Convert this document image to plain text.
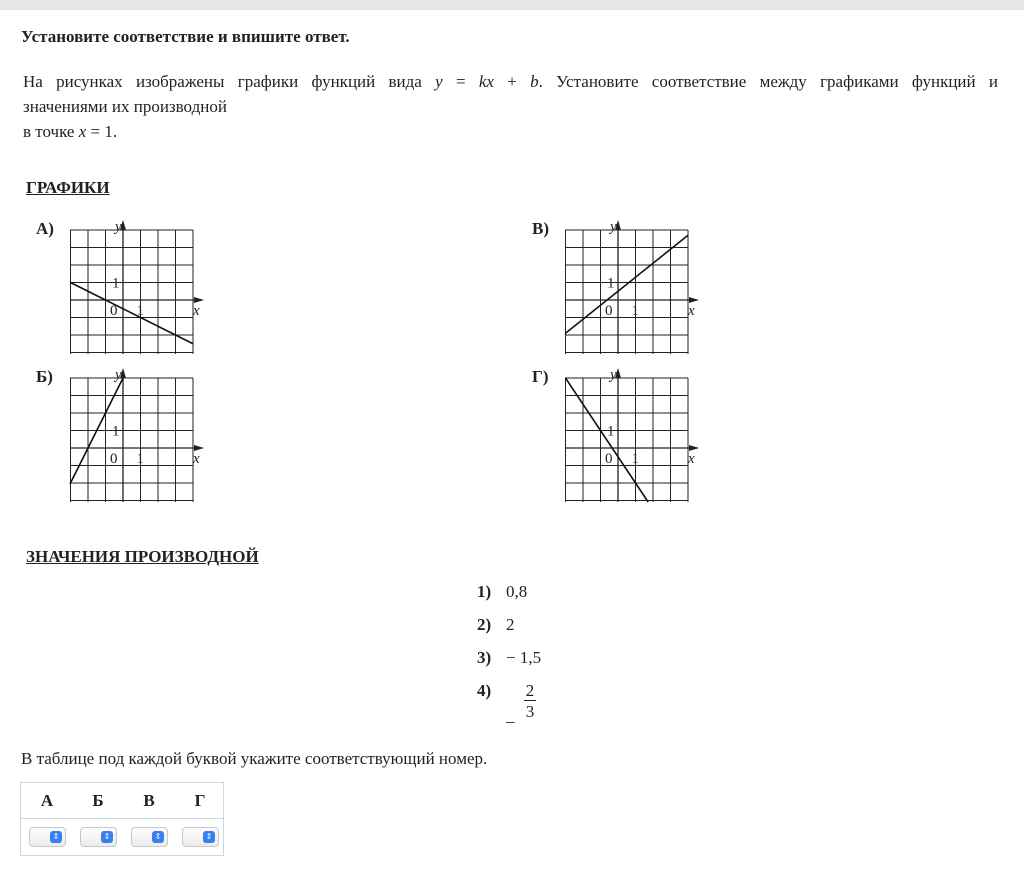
Установите соответствие и впишите ответ.
На рисунках изображены графики функций вида y = kx + b. Установите соответствие между графиками функций и
значениями их производной
в точке x = 1.
ГРАФИКИ
А)
Б)
В)
Г)
y
x
0 1
1
y
x
0 1
1
y
x
0 1
1
y
x
0 1
1
ЗНАЧЕНИЯ ПРОИЗВОДНОЙ
1) 0,8
2) 2
3) − 1,5
4)	$\frac{2}{3}$
_
В таблице под каждой буквой укажите соответствующий номер.
А	Б	В	Г
⇕	⇕	⇕	⇕
